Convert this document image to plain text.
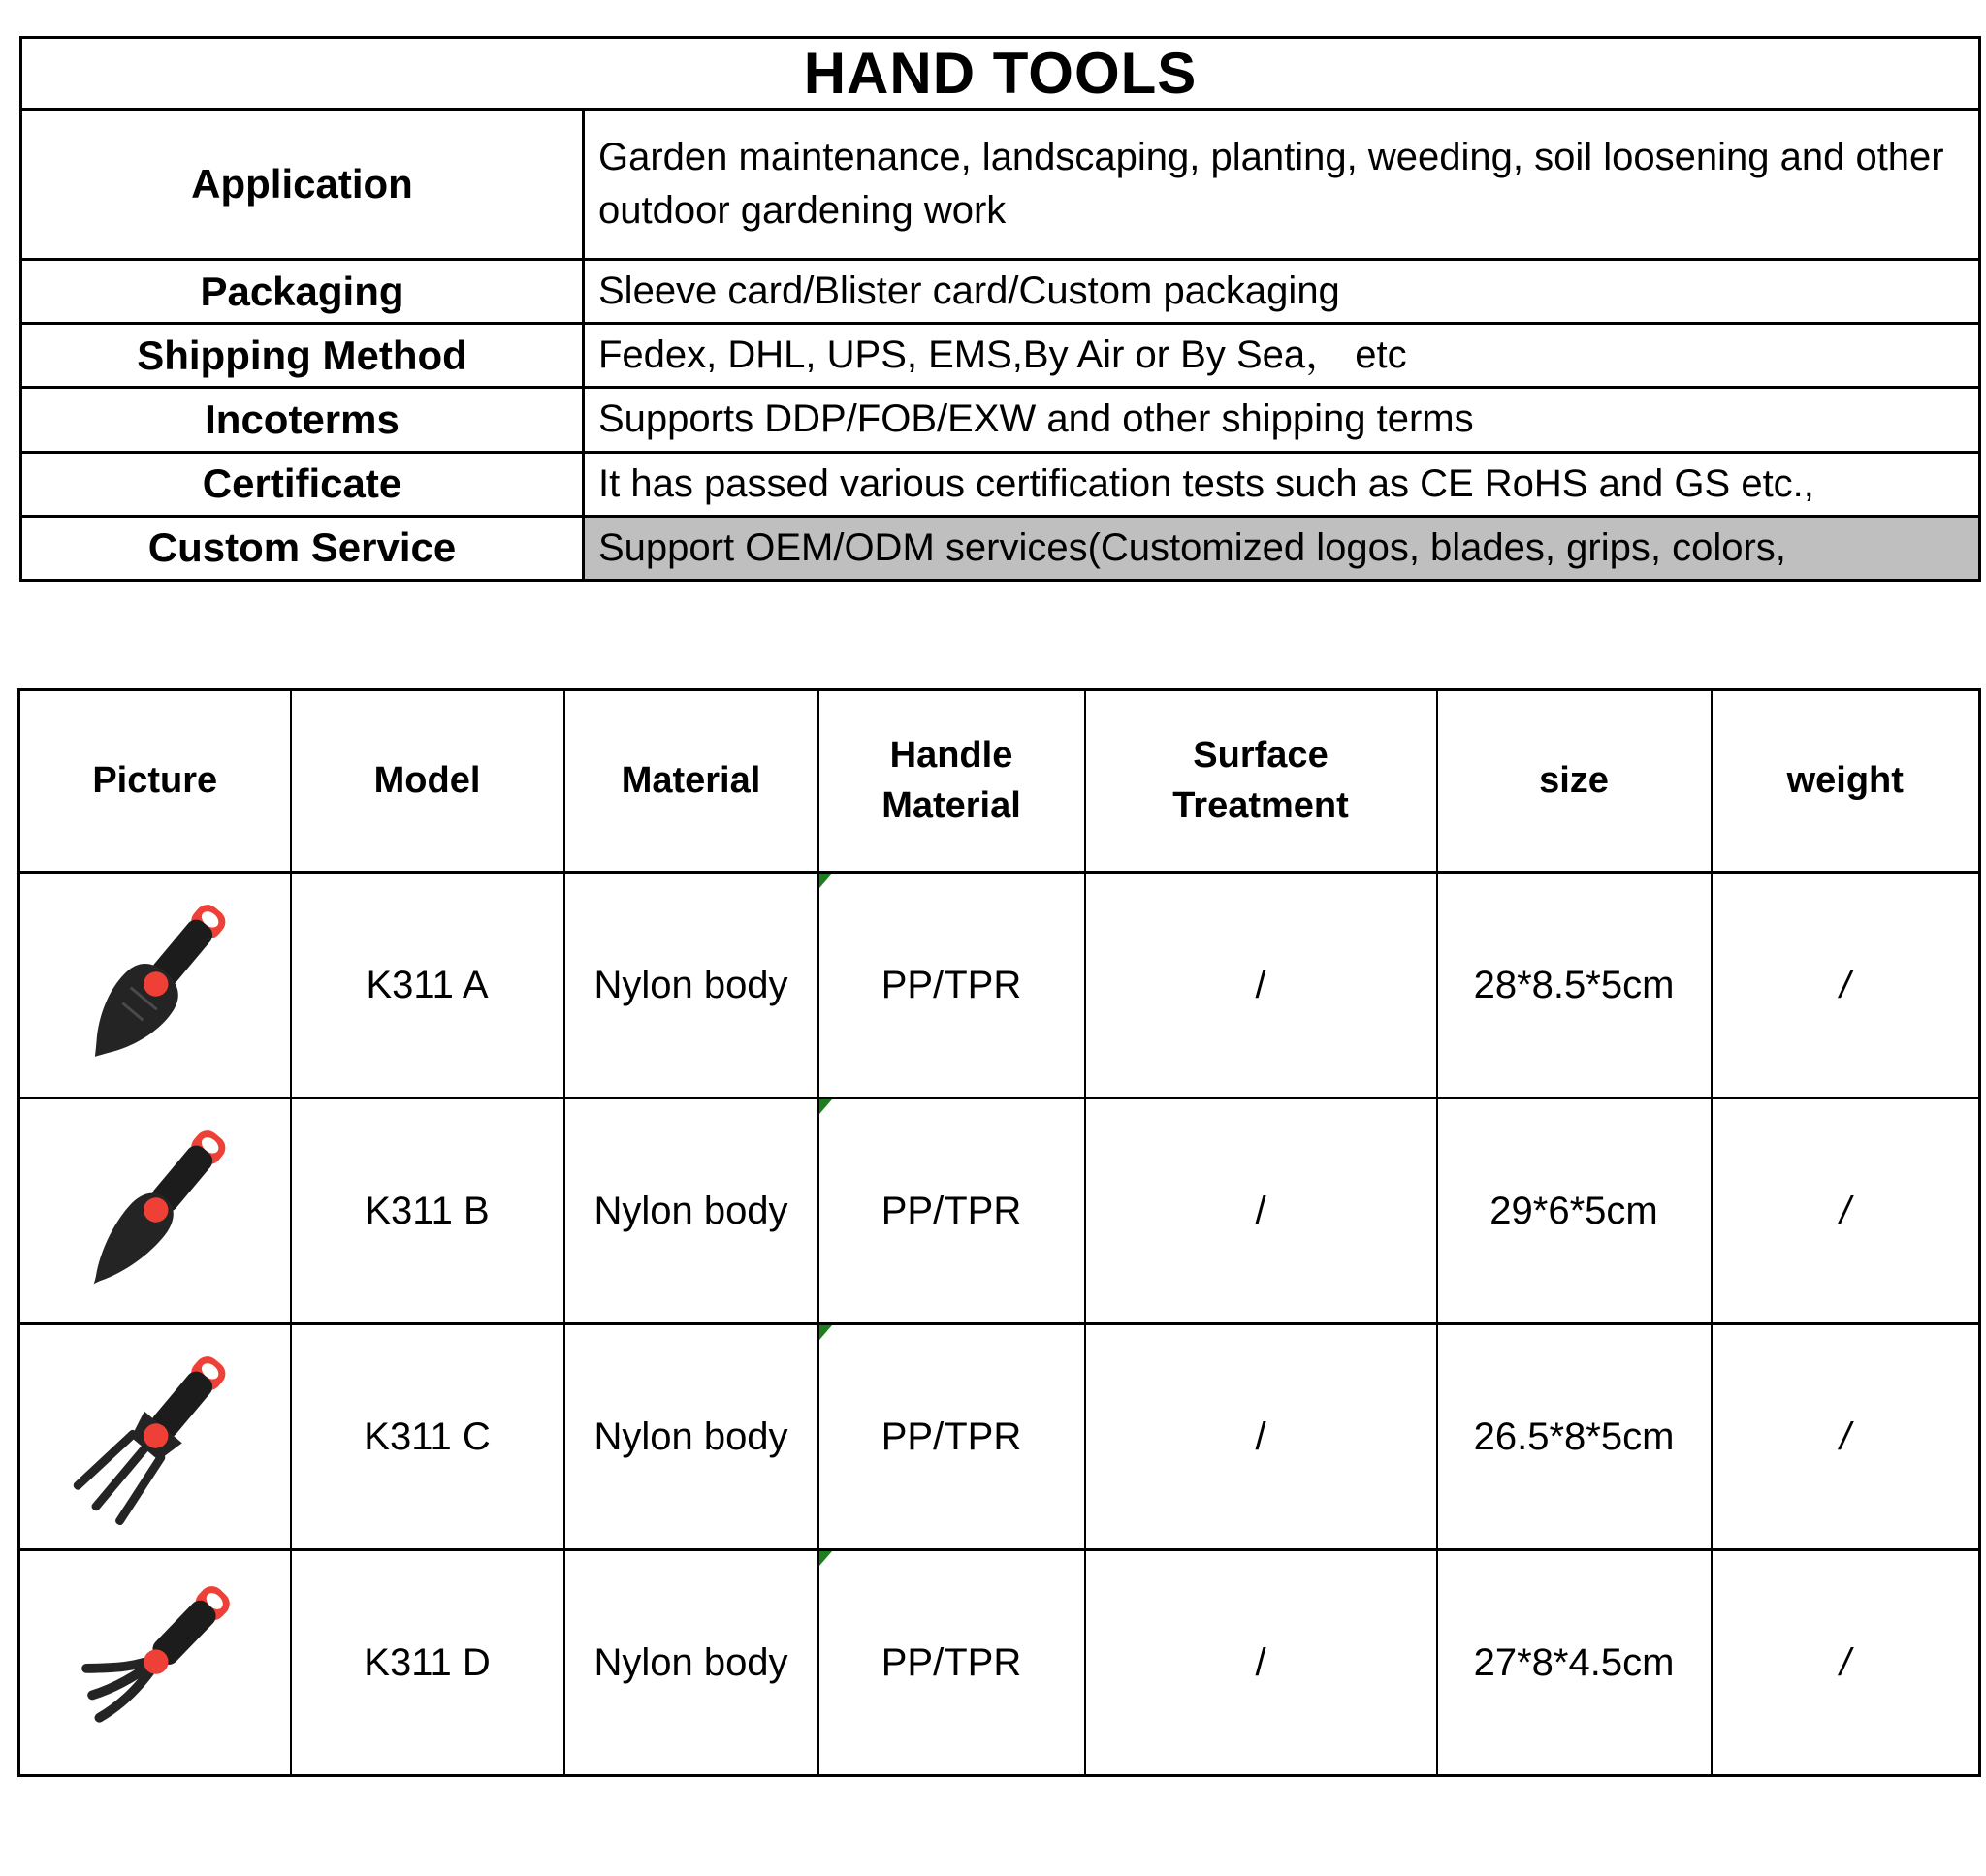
HAND TOOLS	
Application	Garden maintenance, landscaping, planting, weeding, soil loosening and other outdoor gardening work
Packaging	Sleeve card/Blister card/Custom packaging
Shipping Method	Fedex, DHL, UPS, EMS,By Air or By Sea， etc
Incoterms	Supports DDP/FOB/EXW and other shipping terms
Certificate	It has passed various certification tests such as CE RoHS and GS etc.,
Custom Service	Support OEM/ODM services(Customized logos, blades, grips, colors,
Picture	Model	Material	Handle Material	Surface Treatment	size	weight

	K311 A	Nylon body	PP/TPR	/	28*8.5*5cm	/

	K311 B	Nylon body	PP/TPR	/	29*6*5cm	/

	K311 C	Nylon body	PP/TPR	/	26.5*8*5cm	/

	K311 D	Nylon body	PP/TPR	/	27*8*4.5cm	/
